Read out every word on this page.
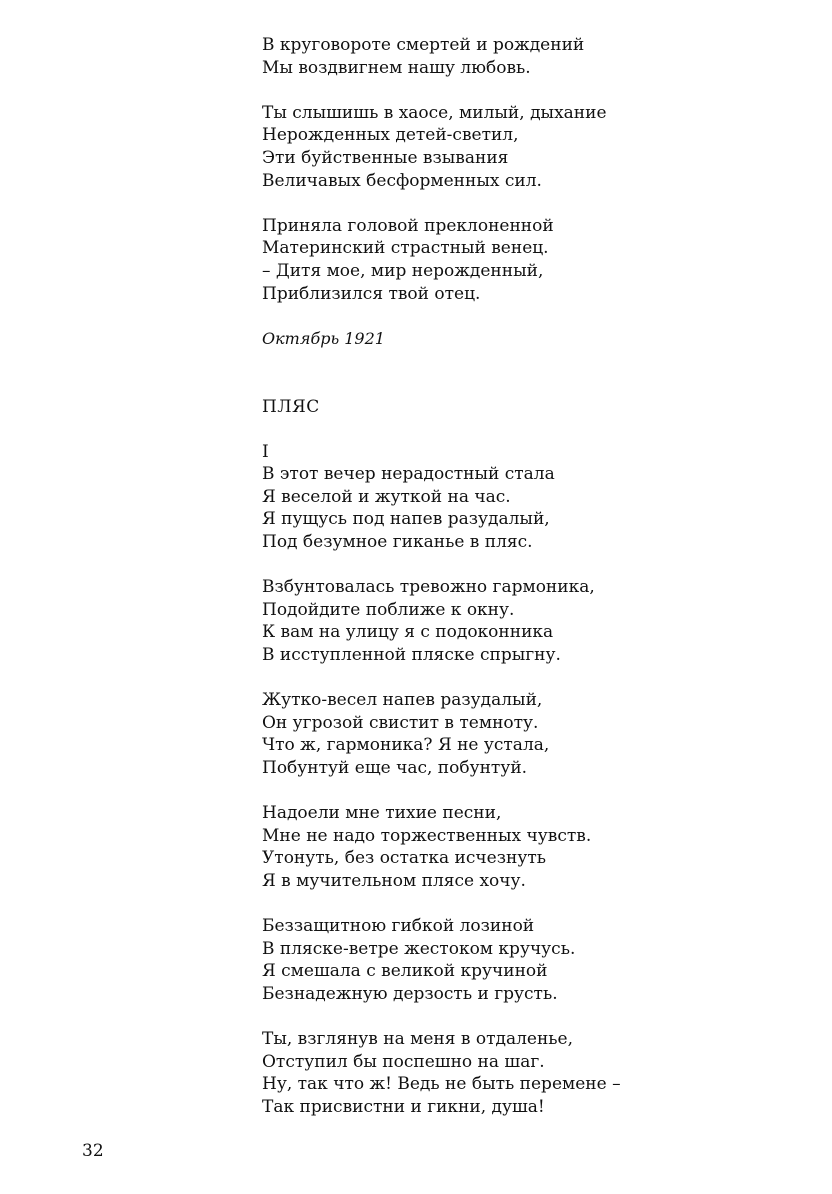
В круговороте смертей и рождений
Мы воздвигнем нашу любовь.
Ты слышишь в хаосе, милый, дыхание
Нерожденных детей-светил,
Эти буйственные взывания
Величавых бесформенных сил.
Приняла головой преклоненной
Материнский страстный венец.
– Дитя мое, мир нерожденный,
Приблизился твой отец.
Октябрь 1921
ПЛЯС
I
В этот вечер нерадостный стала
Я веселой и жуткой на час.
Я пущусь под напев разудалый,
Под безумное гиканье в пляс.
Взбунтовалась тревожно гармоника,
Подойдите поближе к окну.
К вам на улицу я с подоконника
В исступленной пляске спрыгну.
Жутко-весел напев разудалый,
Он угрозой свистит в темноту.
Что ж, гармоника? Я не устала,
Побунтуй еще час, побунтуй.
Надоели мне тихие песни,
Мне не надо торжественных чувств.
Утонуть, без остатка исчезнуть
Я в мучительном плясе хочу.
Беззащитною гибкой лозиной
В пляске-ветре жестоком кручусь.
Я смешала с великой кручиной
Безнадежную дерзость и грусть.
Ты, взглянув на меня в отдаленье,
Отступил бы поспешно на шаг.
Ну, так что ж! Ведь не быть перемене –
Так присвистни и гикни, душа!
32
